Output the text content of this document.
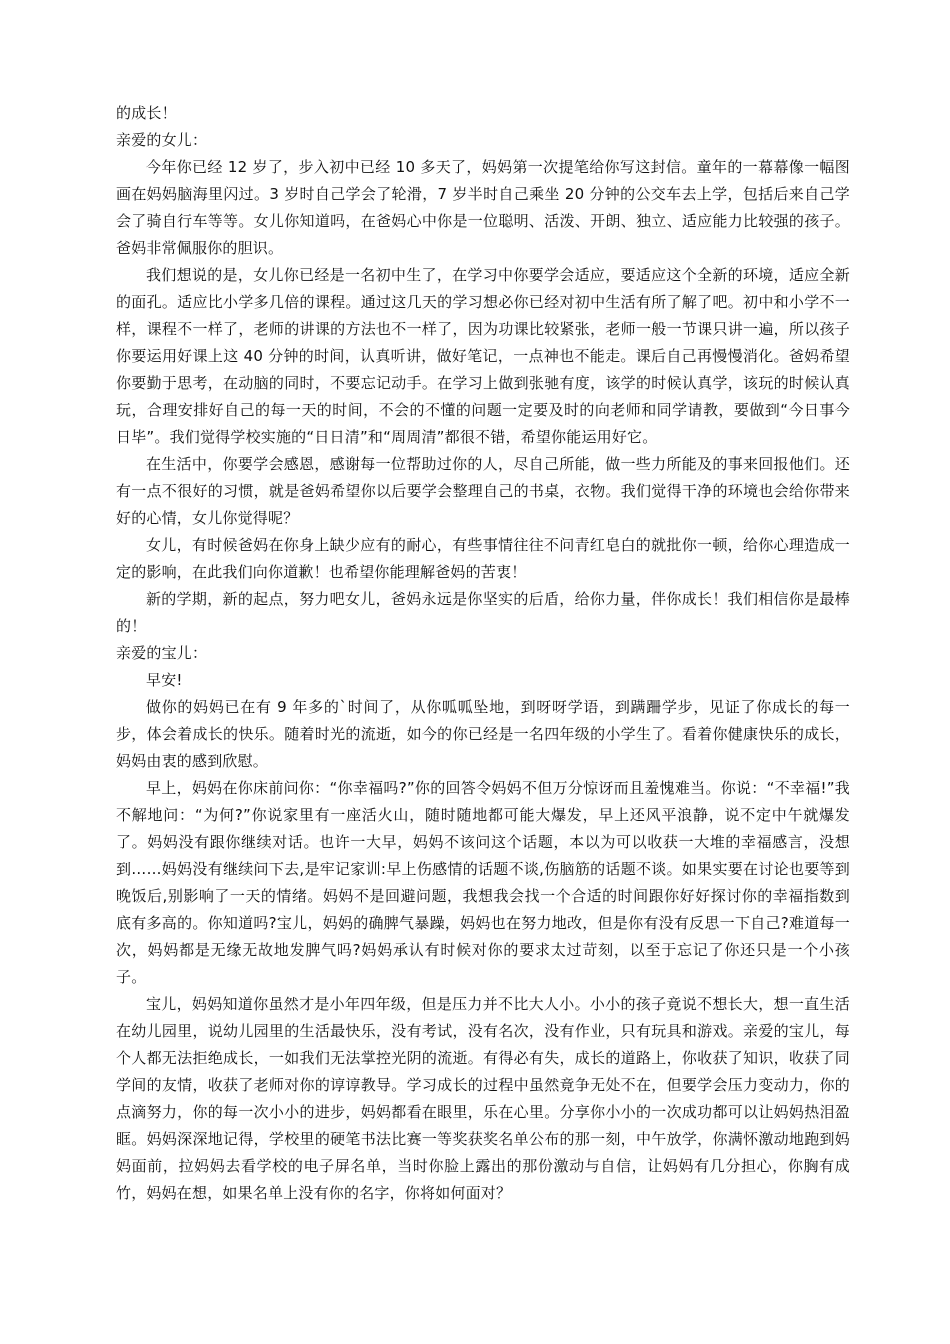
的成长！

亲爱的女儿：

今年你已经 12 岁了，步入初中已经 10 多天了，妈妈第一次提笔给你写这封信。童年的一幕幕像一幅图画在妈妈脑海里闪过。3 岁时自己学会了轮滑，7 岁半时自己乘坐 20 分钟的公交车去上学，包括后来自己学会了骑自行车等等。女儿你知道吗，在爸妈心中你是一位聪明、活泼、开朗、独立、适应能力比较强的孩子。爸妈非常佩服你的胆识。

我们想说的是，女儿你已经是一名初中生了，在学习中你要学会适应，要适应这个全新的环境，适应全新的面孔。适应比小学多几倍的课程。通过这几天的学习想必你已经对初中生活有所了解了吧。初中和小学不一样，课程不一样了，老师的讲课的方法也不一样了，因为功课比较紧张，老师一般一节课只讲一遍，所以孩子你要运用好课上这 40 分钟的时间，认真听讲，做好笔记，一点神也不能走。课后自己再慢慢消化。爸妈希望你要勤于思考，在动脑的同时，不要忘记动手。在学习上做到张驰有度，该学的时候认真学，该玩的时候认真玩，合理安排好自己的每一天的时间，不会的不懂的问题一定要及时的向老师和同学请教，要做到“今日事今日毕”。我们觉得学校实施的“日日清”和“周周清”都很不错，希望你能运用好它。

在生活中，你要学会感恩，感谢每一位帮助过你的人，尽自己所能，做一些力所能及的事来回报他们。还有一点不很好的习惯，就是爸妈希望你以后要学会整理自己的书桌，衣物。我们觉得干净的环境也会给你带来好的心情，女儿你觉得呢？

女儿，有时候爸妈在你身上缺少应有的耐心，有些事情往往不问青红皂白的就批你一顿，给你心理造成一定的影响，在此我们向你道歉！也希望你能理解爸妈的苦衷！

新的学期，新的起点，努力吧女儿，爸妈永远是你坚实的后盾，给你力量，伴你成长！我们相信你是最棒的！

亲爱的宝儿：

早安!

做你的妈妈已在有 9 年多的`时间了，从你呱呱坠地，到呀呀学语，到蹒跚学步，见证了你成长的每一步，体会着成长的快乐。随着时光的流逝，如今的你已经是一名四年级的小学生了。看着你健康快乐的成长，妈妈由衷的感到欣慰。

早上，妈妈在你床前问你：“你幸福吗?”你的回答令妈妈不但万分惊讶而且羞愧难当。你说：“不幸福!”我不解地问：“为何?”你说家里有一座活火山，随时随地都可能大爆发，早上还风平浪静，说不定中午就爆发了。妈妈没有跟你继续对话。也许一大早，妈妈不该问这个话题，本以为可以收获一大堆的幸福感言，没想到……妈妈没有继续问下去,是牢记家训:早上伤感情的话题不谈,伤脑筋的话题不谈。如果实要在讨论也要等到晚饭后,别影响了一天的情绪。妈妈不是回避问题，我想我会找一个合适的时间跟你好好探讨你的幸福指数到底有多高的。你知道吗?宝儿，妈妈的确脾气暴躁，妈妈也在努力地改，但是你有没有反思一下自己?难道每一次，妈妈都是无缘无故地发脾气吗?妈妈承认有时候对你的要求太过苛刻，以至于忘记了你还只是一个小孩子。

宝儿，妈妈知道你虽然才是小年四年级，但是压力并不比大人小。小小的孩子竟说不想长大，想一直生活在幼儿园里，说幼儿园里的生活最快乐，没有考试，没有名次，没有作业，只有玩具和游戏。亲爱的宝儿，每个人都无法拒绝成长，一如我们无法掌控光阴的流逝。有得必有失，成长的道路上，你收获了知识，收获了同学间的友情，收获了老师对你的谆谆教导。学习成长的过程中虽然竟争无处不在，但要学会压力变动力，你的点滴努力，你的每一次小小的进步，妈妈都看在眼里，乐在心里。分享你小小的一次成功都可以让妈妈热泪盈眶。妈妈深深地记得，学校里的硬笔书法比赛一等奖获奖名单公布的那一刻，中午放学，你满怀激动地跑到妈妈面前，拉妈妈去看学校的电子屏名单，当时你脸上露出的那份激动与自信，让妈妈有几分担心，你胸有成竹，妈妈在想，如果名单上没有你的名字，你将如何面对？
